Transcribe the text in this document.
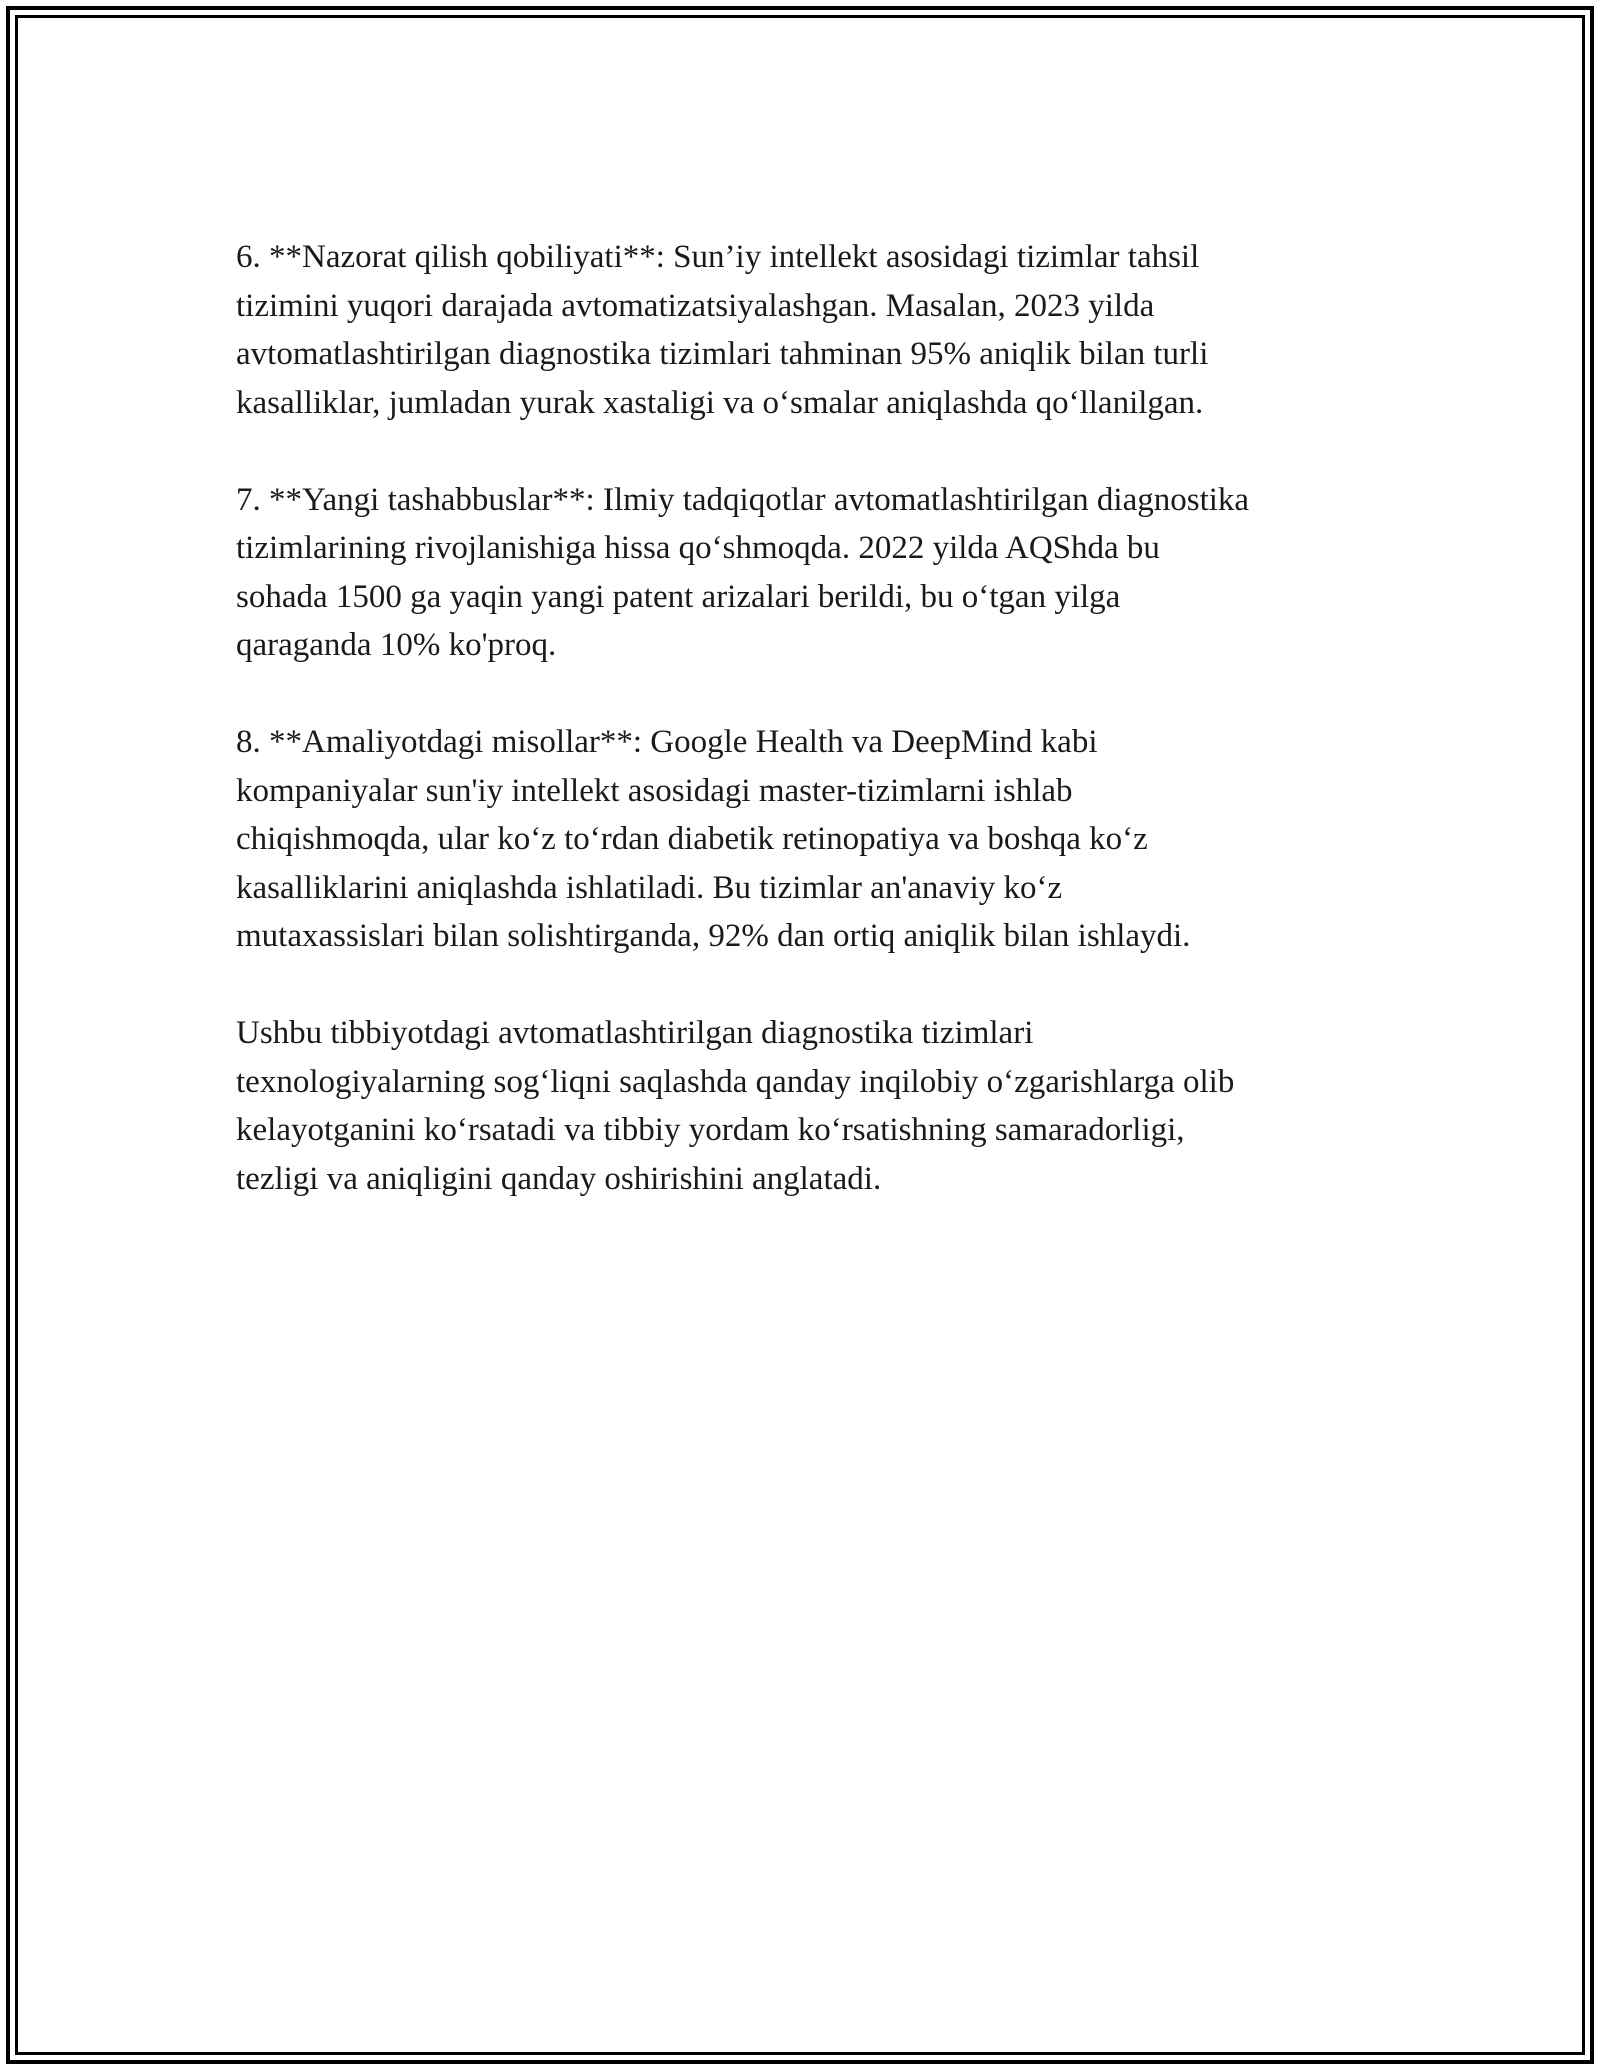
6. **Nazorat qilish qobiliyati**: Sun’iy intellekt asosidagi tizimlar tahsil
tizimini yuqori darajada avtomatizatsiyalashgan. Masalan, 2023 yilda
avtomatlashtirilgan diagnostika tizimlari tahminan 95% aniqlik bilan turli
kasalliklar, jumladan yurak xastaligi va o‘smalar aniqlashda qo‘llanilgan.

7. **Yangi tashabbuslar**: Ilmiy tadqiqotlar avtomatlashtirilgan diagnostika
tizimlarining rivojlanishiga hissa qo‘shmoqda. 2022 yilda AQShda bu
sohada 1500 ga yaqin yangi patent arizalari berildi, bu o‘tgan yilga
qaraganda 10% ko'proq.

8. **Amaliyotdagi misollar**: Google Health va DeepMind kabi
kompaniyalar sun'iy intellekt asosidagi master-tizimlarni ishlab
chiqishmoqda, ular ko‘z to‘rdan diabetik retinopatiya va boshqa ko‘z
kasalliklarini aniqlashda ishlatiladi. Bu tizimlar an'anaviy ko‘z
mutaxassislari bilan solishtirganda, 92% dan ortiq aniqlik bilan ishlaydi.

Ushbu tibbiyotdagi avtomatlashtirilgan diagnostika tizimlari
texnologiyalarning sog‘liqni saqlashda qanday inqilobiy o‘zgarishlarga olib
kelayotganini ko‘rsatadi va tibbiy yordam ko‘rsatishning samaradorligi,
tezligi va aniqligini qanday oshirishini anglatadi.
